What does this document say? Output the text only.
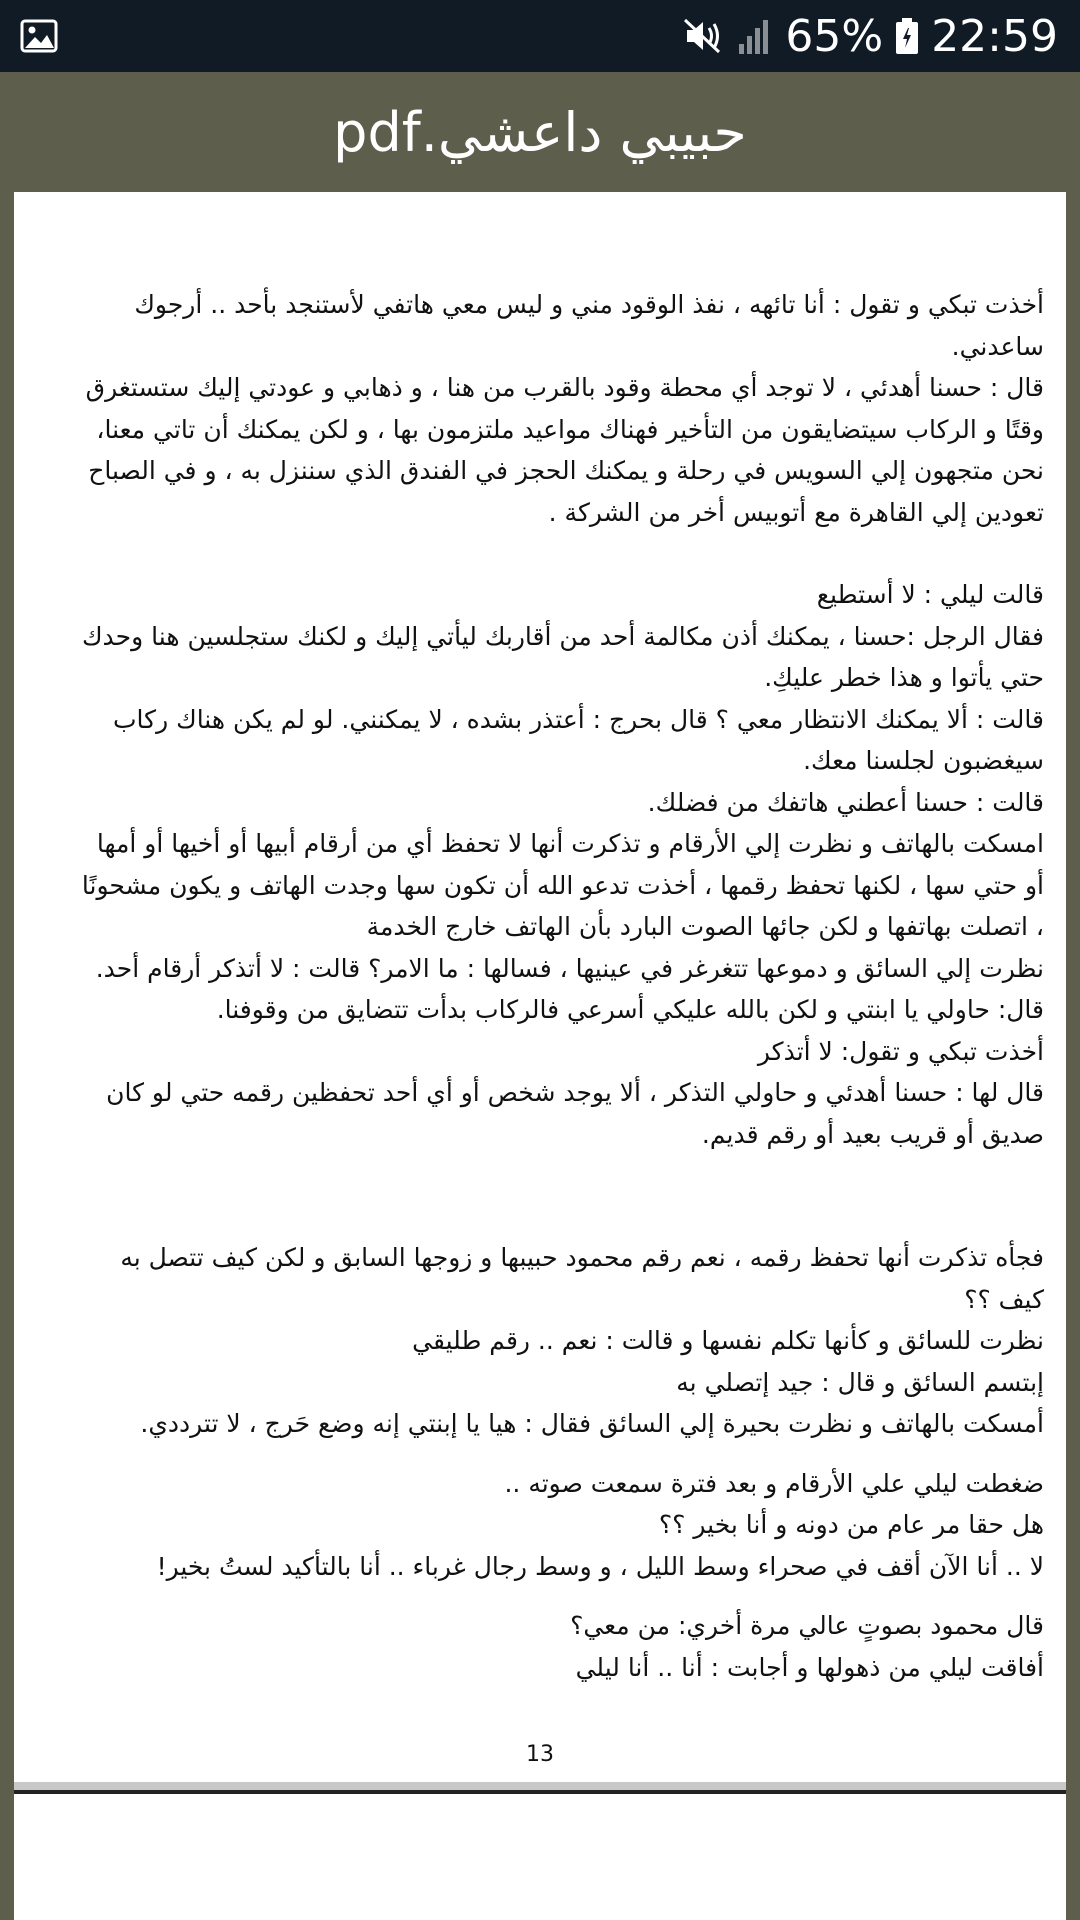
65% 22:59
حبيبي داعشي.pdf

أخذت تبكي و تقول : أنا تائهه ، نفذ الوقود مني و ليس معي هاتفي لأستنجد بأحد .. أرجوك ساعدني.

قال : حسنا أهدئي ، لا توجد أي محطة وقود بالقرب من هنا ، و ذهابي و عودتي إليك ستستغرق وقتًا و الركاب سيتضايقون من التأخير فهناك مواعيد ملتزمون بها ، و لكن يمكنك أن تاتي معنا، نحن متجهون إلي السويس في رحلة و يمكنك الحجز في الفندق الذي سننزل به ، و في الصباح تعودين إلي القاهرة مع أتوبيس أخر من الشركة .

قالت ليلي : لا أستطيع

فقال الرجل :حسنا ، يمكنك أذن مكالمة أحد من أقاربك ليأتي إليك و لكنك ستجلسين هنا وحدك حتي يأتوا و هذا خطر عليكِ.

قالت : ألا يمكنك الانتظار معي ؟ قال بحرج : أعتذر بشده ، لا يمكنني. لو لم يكن هناك ركاب سيغضبون لجلسنا معك.

قالت : حسنا أعطني هاتفك من فضلك.

امسكت بالهاتف و نظرت إلي الأرقام و تذكرت أنها لا تحفظ أي من أرقام أبيها أو أخيها أو أمها أو حتي سها ، لكنها تحفظ رقمها ، أخذت تدعو الله أن تكون سها وجدت الهاتف و يكون مشحونًا ، اتصلت بهاتفها و لكن جائها الصوت البارد بأن الهاتف خارج الخدمة

نظرت إلي السائق و دموعها تتغرغر في عينيها ، فسالها : ما الامر؟ قالت : لا أتذكر أرقام أحد.

قال: حاولي يا ابنتي و لكن بالله عليكي أسرعي فالركاب بدأت تتضايق من وقوفنا.

أخذت تبكي و تقول: لا أتذكر

قال لها : حسنا أهدئي و حاولي التذكر ، ألا يوجد شخص أو أي أحد تحفظين رقمه حتي لو كان صديق أو قريب بعيد أو رقم قديم.

فجأه تذكرت أنها تحفظ رقمه ، نعم رقم محمود حبيبها و زوجها السابق و لكن كيف تتصل به كيف ؟؟

نظرت للسائق و كأنها تكلم نفسها و قالت : نعم .. رقم طليقي

إبتسم السائق و قال : جيد إتصلي به

أمسكت بالهاتف و نظرت بحيرة إلي السائق فقال : هيا يا إبنتي إنه وضع حَرج ، لا تترددي.

ضغطت ليلي علي الأرقام و بعد فترة سمعت صوته ..

هل حقا مر عام من دونه و أنا بخير ؟؟

لا .. أنا الآن أقف في صحراء وسط الليل ، و وسط رجال غرباء .. أنا بالتأكيد لستُ بخير!

قال محمود بصوتٍ عالي مرة أخري: من معي؟

أفاقت ليلي من ذهولها و أجابت : أنا .. أنا ليلي

13
